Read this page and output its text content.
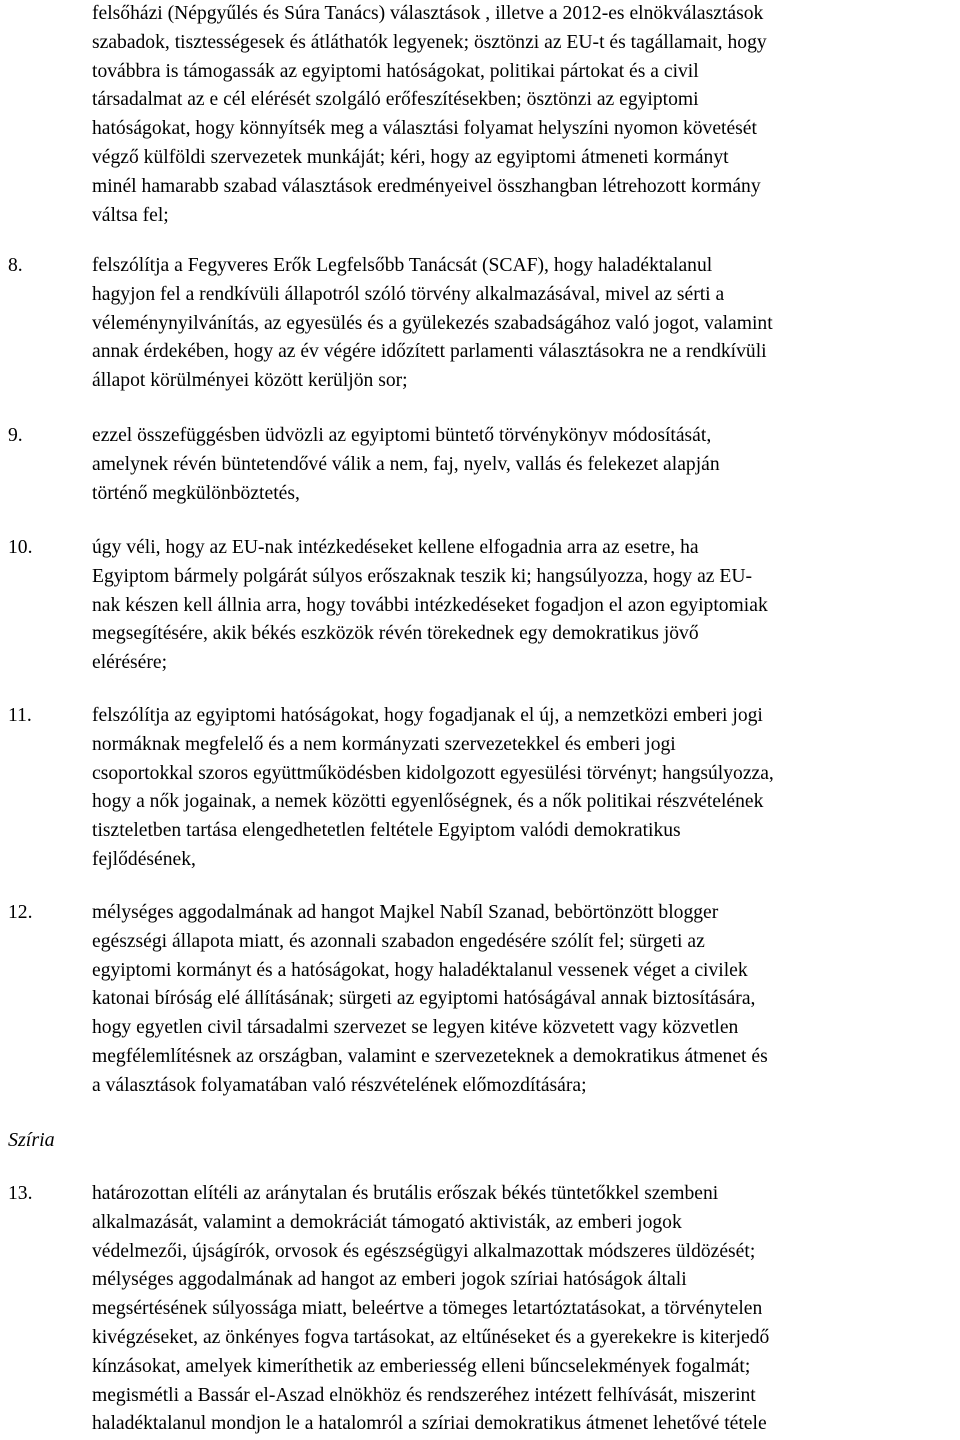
felsőházi (Népgyűlés és Súra Tanács) választások , illetve a 2012-es elnökválasztások
szabadok, tisztességesek és átláthatók legyenek; ösztönzi az EU-t és tagállamait, hogy
továbbra is támogassák az egyiptomi hatóságokat, politikai pártokat és a civil
társadalmat az e cél elérését szolgáló erőfeszítésekben; ösztönzi az egyiptomi
hatóságokat, hogy könnyítsék meg a választási folyamat helyszíni nyomon követését
végző külföldi szervezetek munkáját; kéri, hogy az egyiptomi átmeneti kormányt
minél hamarabb szabad választások eredményeivel összhangban létrehozott kormány
váltsa fel;
8.	felszólítja a Fegyveres Erők Legfelsőbb Tanácsát (SCAF), hogy haladéktalanul
hagyjon fel a rendkívüli állapotról szóló törvény alkalmazásával, mivel az sérti a
véleménynyilvánítás, az egyesülés és a gyülekezés szabadságához való jogot, valamint
annak érdekében, hogy az év végére időzített parlamenti választásokra ne a rendkívüli
állapot körülményei között kerüljön sor;
9.	ezzel összefüggésben üdvözli az egyiptomi büntető törvénykönyv módosítását,
amelynek révén büntetendővé válik a nem, faj, nyelv, vallás és felekezet alapján
történő megkülönböztetés,
10.	úgy véli, hogy az EU-nak intézkedéseket kellene elfogadnia arra az esetre, ha
Egyiptom bármely polgárát súlyos erőszaknak teszik ki; hangsúlyozza, hogy az EU-
nak készen kell állnia arra, hogy további intézkedéseket fogadjon el azon egyiptomiak
megsegítésére, akik békés eszközök révén törekednek egy demokratikus jövő
elérésére;
11.	felszólítja az egyiptomi hatóságokat, hogy fogadjanak el új, a nemzetközi emberi jogi
normáknak megfelelő és a nem kormányzati szervezetekkel és emberi jogi
csoportokkal szoros együttműködésben kidolgozott egyesülési törvényt; hangsúlyozza,
hogy a nők jogainak, a nemek közötti egyenlőségnek, és a nők politikai részvételének
tiszteletben tartása elengedhetetlen feltétele Egyiptom valódi demokratikus
fejlődésének,
12.	mélységes aggodalmának ad hangot Majkel Nabíl Szanad, bebörtönzött blogger
egészségi állapota miatt, és azonnali szabadon engedésére szólít fel; sürgeti az
egyiptomi kormányt és a hatóságokat, hogy haladéktalanul vessenek véget a civilek
katonai bíróság elé állításának; sürgeti az egyiptomi hatóságával annak biztosítására,
hogy egyetlen civil társadalmi szervezet se legyen kitéve közvetett vagy közvetlen
megfélemlítésnek az országban, valamint e szervezeteknek a demokratikus átmenet és
a választások folyamatában való részvételének előmozdítására;
Szíria
13.	határozottan elítéli az aránytalan és brutális erőszak békés tüntetőkkel szembeni
alkalmazását, valamint a demokráciát támogató aktivisták, az emberi jogok
védelmezői, újságírók, orvosok és egészségügyi alkalmazottak módszeres üldözését;
mélységes aggodalmának ad hangot az emberi jogok szíriai hatóságok általi
megsértésének súlyossága miatt, beleértve a tömeges letartóztatásokat, a törvénytelen
kivégzéseket, az önkényes fogva tartásokat, az eltűnéseket és a gyerekekre is kiterjedő
kínzásokat, amelyek kimeríthetik az emberiesség elleni bűncselekmények fogalmát;
megismétli a Bassár el-Aszad elnökhöz és rendszeréhez intézett felhívását, miszerint
haladéktalanul mondjon le a hatalomról a szíriai demokratikus átmenet lehetővé tétele
